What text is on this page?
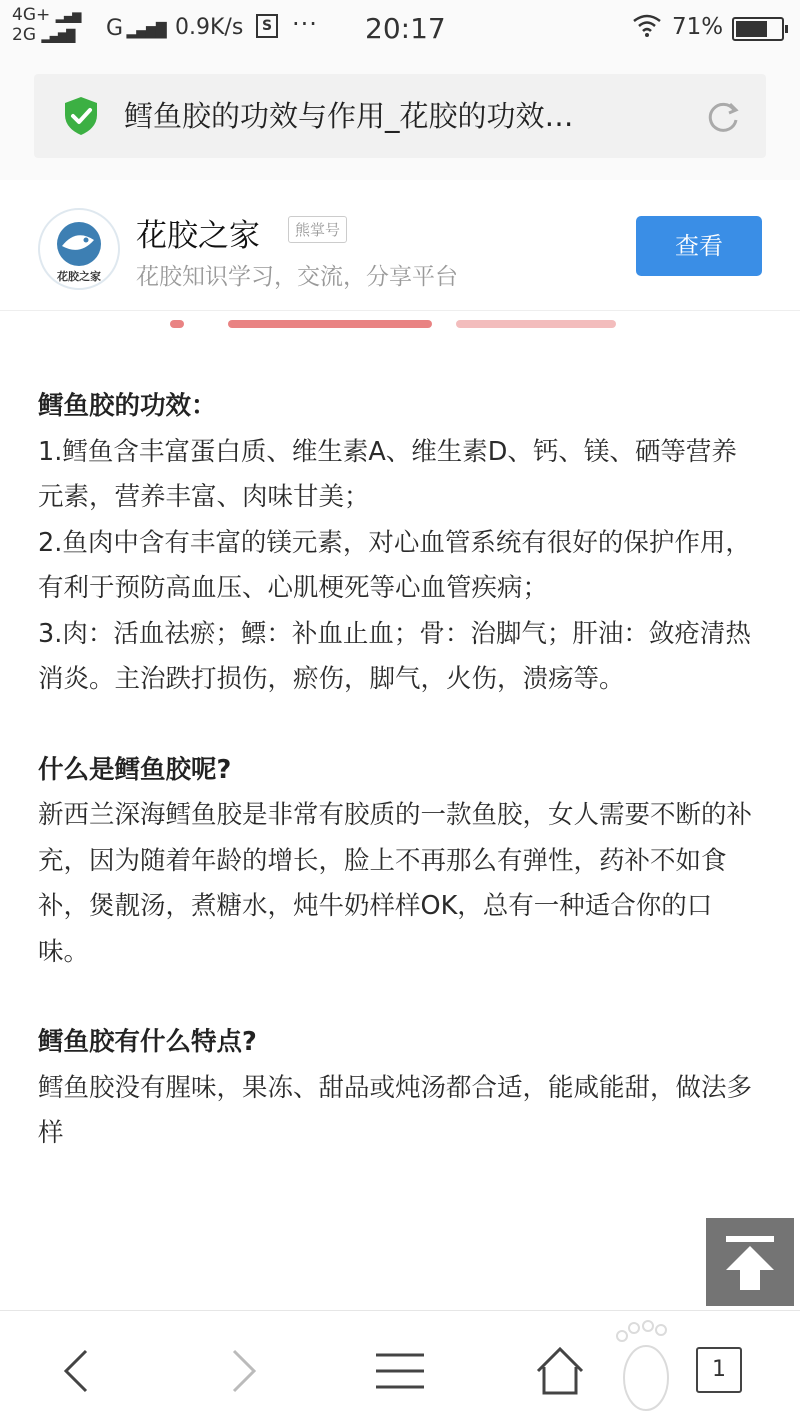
4G+ ▂▄▆
2G ▂▄▆█ G ▂▄▆█ 0.9K/s	S ··· 20:17	71%
鳕鱼胶的功效与作用_花胶的功效…
花胶之家
花胶之家	熊掌号
花胶知识学习，交流，分享平台
查看

鳕鱼胶的功效：

1.鳕鱼含丰富蛋白质、维生素A、维生素D、钙、镁、硒等营养元素，营养丰富、肉味甘美；

2.鱼肉中含有丰富的镁元素，对心血管系统有很好的保护作用，有利于预防高血压、心肌梗死等心血管疾病；

3.肉：活血祛瘀；鳔：补血止血；骨：治脚气；肝油：敛疮清热消炎。主治跌打损伤，瘀伤，脚气，火伤，溃疡等。

什么是鳕鱼胶呢?

新西兰深海鳕鱼胶是非常有胶质的一款鱼胶，女人需要不断的补充，因为随着年龄的增长，脸上不再那么有弹性，药补不如食补，煲靓汤，煮糖水，炖牛奶样样OK，总有一种适合你的口味。

鳕鱼胶有什么特点?

鳕鱼胶没有腥味，果冻、甜品或炖汤都合适，能咸能甜，做法多样

1
